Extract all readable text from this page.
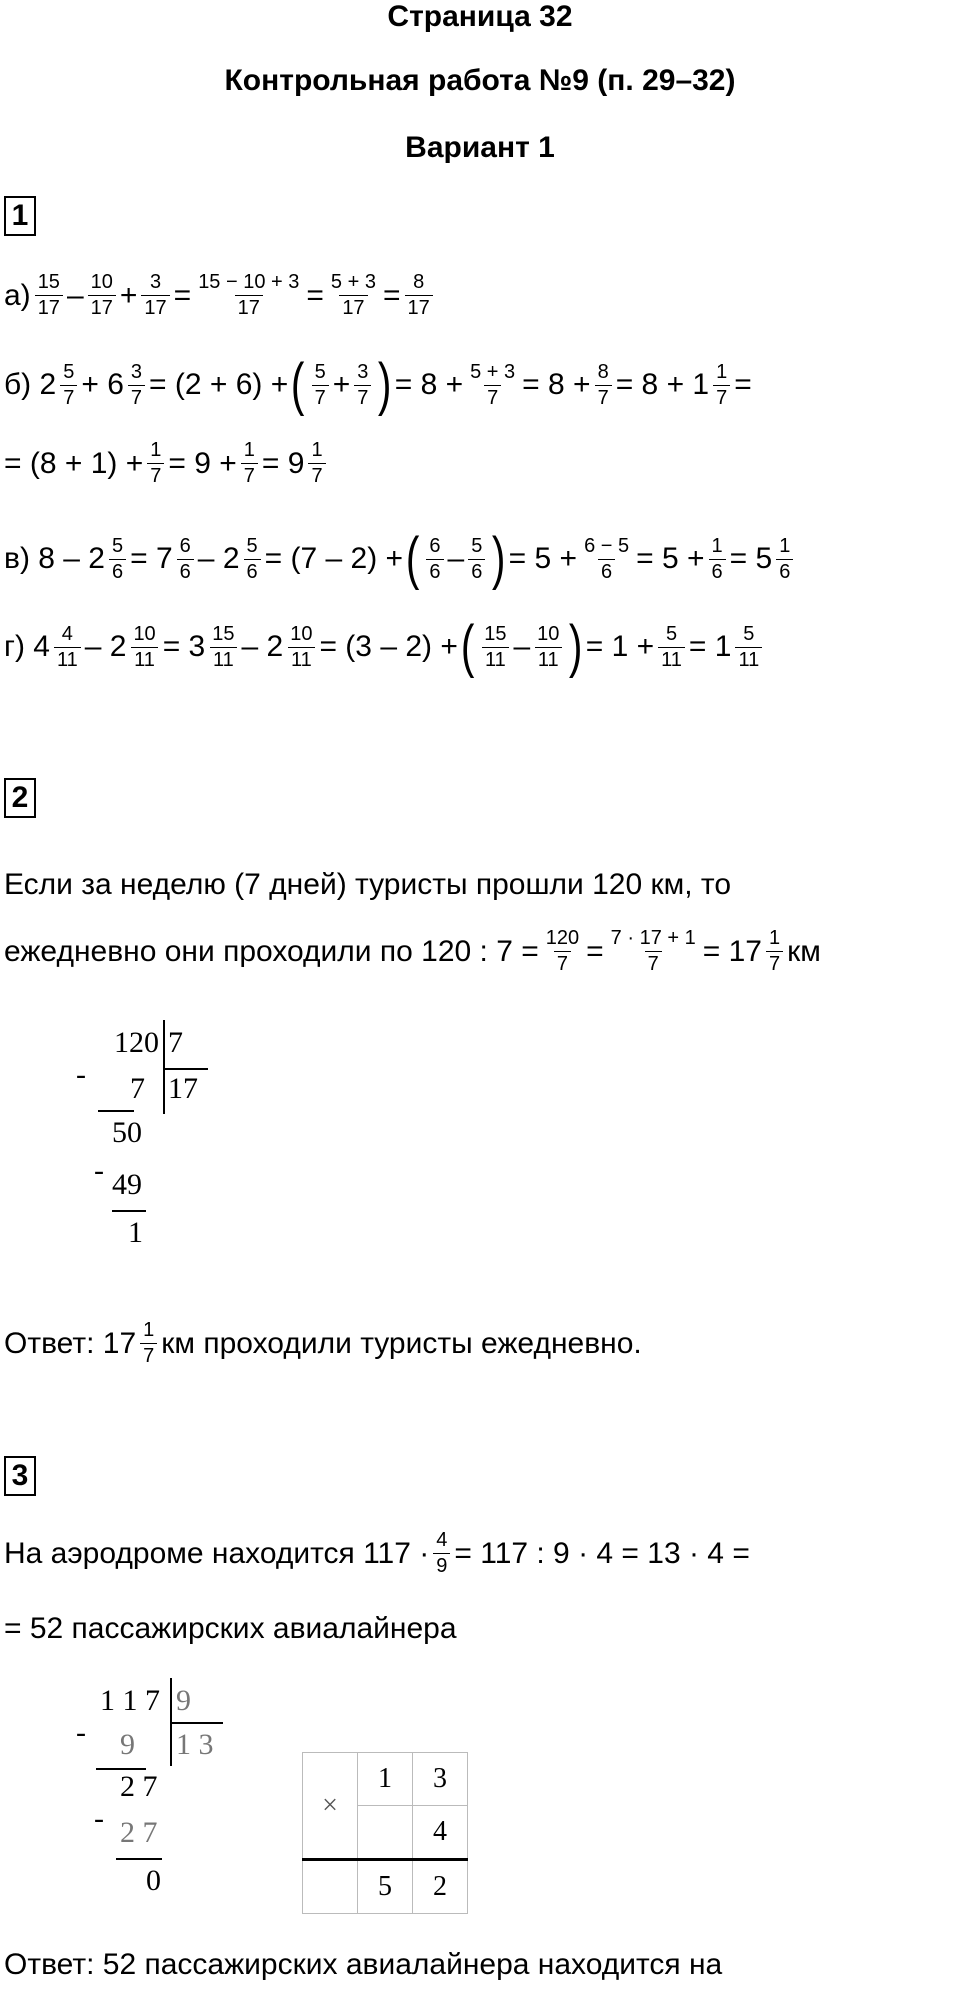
Страница 32
Контрольная работа №9 (п. 29–32)
Вариант 1
1
$а) \frac{15}{17} - \frac{10}{17} + \frac{3}{17} = \frac{15 - 10 + 3}{17} = \frac{5 + 3}{17} = \frac{8}{17}$
б)
$2 \frac{5}{7}$ +
$6 \frac{3}{7} = (2 + 6)$ + ( $\frac{5}{7} + \frac{3}{7}$ ) = $8 + \frac{5 + 3}{7} = 8 + \frac{8}{7} = 8 + 1 \frac{1}{7}$ =
= $(8 + 1) + \frac{1}{7} = 9 + \frac{1}{7} = 9 \frac{1}{7}$
в) $8 - 2 \frac{5}{6} = 7 \frac{6}{6} - 2 \frac{5}{6} = (7 - 2)$ + ( $\frac{6}{6} - \frac{5}{6}$ ) = $5 + \frac{6 - 5}{6} = 5 + \frac{1}{6} = 5 \frac{1}{6}$
г) $4 \frac{4}{11} - 2 \frac{10}{11} = 3 \frac{15}{11} - 2 \frac{10}{11} = (3 - 2)$ + ( $\frac{15}{11} - \frac{10}{11}$ ) = $1 + \frac{5}{11} = 1 \frac{5}{11}$
2
Если за неделю (7 дней) туристы прошли 120 км, то
ежедневно они проходили по 120 : $7 = \frac{120}{7} = \frac{7 \cdot 17 + 1}{7} = 17 \frac{1}{7}$ км
120 7
17
- 7
50
- 49
1
Ответ: $17 \frac{1}{7}$ км проходили туристы ежедневно.
3
На аэродроме находится $117 \cdot \frac{4}{9} = 117$ : 9 · 4 = 13 · 4 =
= 52 пассажирских авиалайнера
1 1 7 9
1 3
- 9
2 7
- 2 7
0
×	1	3
		4
	5	2
Ответ: 52 пассажирских авиалайнера находится на
